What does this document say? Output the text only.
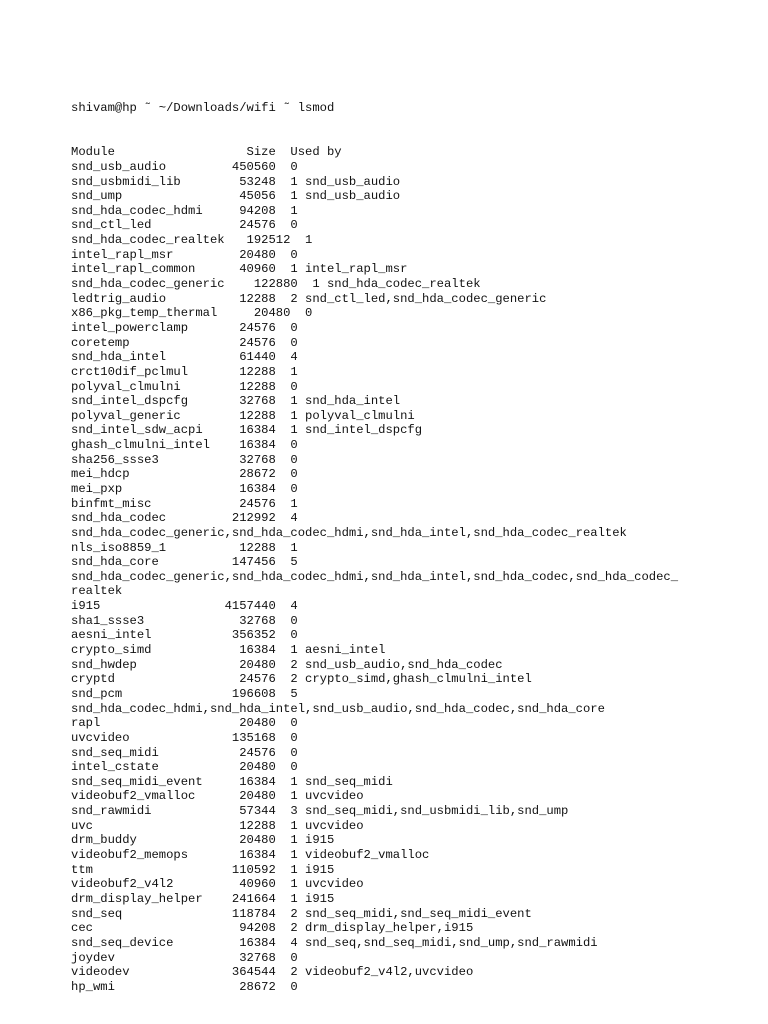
shivam@hp ˜ ~/Downloads/wifi ˜ lsmod

Module                  Size  Used by
snd_usb_audio         450560  0
snd_usbmidi_lib        53248  1 snd_usb_audio
snd_ump                45056  1 snd_usb_audio
snd_hda_codec_hdmi     94208  1
snd_ctl_led            24576  0
snd_hda_codec_realtek   192512  1
intel_rapl_msr         20480  0
intel_rapl_common      40960  1 intel_rapl_msr
snd_hda_codec_generic    122880  1 snd_hda_codec_realtek
ledtrig_audio          12288  2 snd_ctl_led,snd_hda_codec_generic
x86_pkg_temp_thermal     20480  0
intel_powerclamp       24576  0
coretemp               24576  0
snd_hda_intel          61440  4
crct10dif_pclmul       12288  1
polyval_clmulni        12288  0
snd_intel_dspcfg       32768  1 snd_hda_intel
polyval_generic        12288  1 polyval_clmulni
snd_intel_sdw_acpi     16384  1 snd_intel_dspcfg
ghash_clmulni_intel    16384  0
sha256_ssse3           32768  0
mei_hdcp               28672  0
mei_pxp                16384  0
binfmt_misc            24576  1
snd_hda_codec         212992  4
snd_hda_codec_generic,snd_hda_codec_hdmi,snd_hda_intel,snd_hda_codec_realtek
nls_iso8859_1          12288  1
snd_hda_core          147456  5
snd_hda_codec_generic,snd_hda_codec_hdmi,snd_hda_intel,snd_hda_codec,snd_hda_codec_
realtek
i915                 4157440  4
sha1_ssse3             32768  0
aesni_intel           356352  0
crypto_simd            16384  1 aesni_intel
snd_hwdep              20480  2 snd_usb_audio,snd_hda_codec
cryptd                 24576  2 crypto_simd,ghash_clmulni_intel
snd_pcm               196608  5
snd_hda_codec_hdmi,snd_hda_intel,snd_usb_audio,snd_hda_codec,snd_hda_core
rapl                   20480  0
uvcvideo              135168  0
snd_seq_midi           24576  0
intel_cstate           20480  0
snd_seq_midi_event     16384  1 snd_seq_midi
videobuf2_vmalloc      20480  1 uvcvideo
snd_rawmidi            57344  3 snd_seq_midi,snd_usbmidi_lib,snd_ump
uvc                    12288  1 uvcvideo
drm_buddy              20480  1 i915
videobuf2_memops       16384  1 videobuf2_vmalloc
ttm                   110592  1 i915
videobuf2_v4l2         40960  1 uvcvideo
drm_display_helper    241664  1 i915
snd_seq               118784  2 snd_seq_midi,snd_seq_midi_event
cec                    94208  2 drm_display_helper,i915
snd_seq_device         16384  4 snd_seq,snd_seq_midi,snd_ump,snd_rawmidi
joydev                 32768  0
videodev              364544  2 videobuf2_v4l2,uvcvideo
hp_wmi                 28672  0
